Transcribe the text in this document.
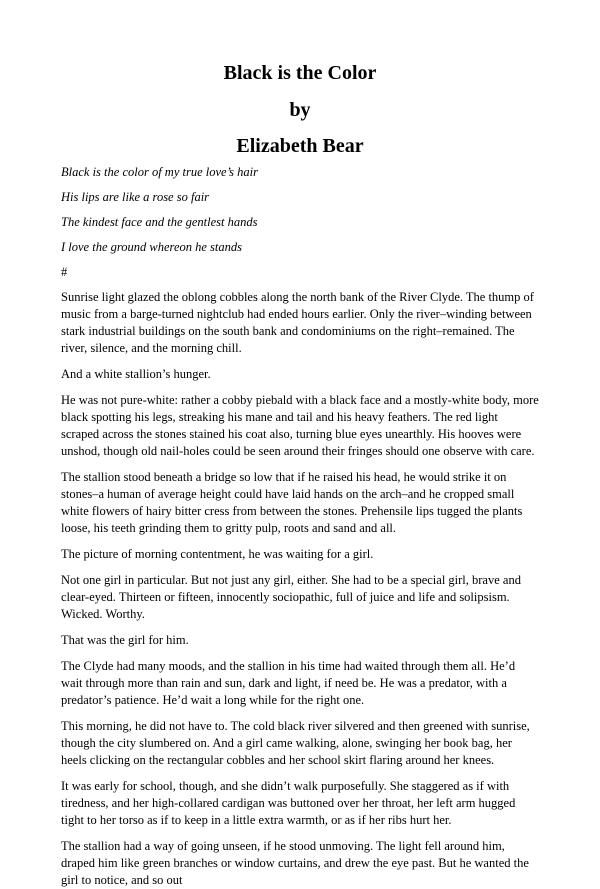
Black is the Color
by
Elizabeth Bear

Black is the color of my true love’s hair

His lips are like a rose so fair

The kindest face and the gentlest hands

I love the ground whereon he stands

#

Sunrise light glazed the oblong cobbles along the north bank of the River Clyde. The thump of music from a barge-turned nightclub had ended hours earlier. Only the river–winding between stark industrial buildings on the south bank and condominiums on the right–remained. The river, silence, and the morning chill.

And a white stallion’s hunger.

He was not pure-white: rather a cobby piebald with a black face and a mostly-white body, more black spotting his legs, streaking his mane and tail and his heavy feathers. The red light scraped across the stones stained his coat also, turning blue eyes unearthly. His hooves were unshod, though old nail-holes could be seen around their fringes should one observe with care.

The stallion stood beneath a bridge so low that if he raised his head, he would strike it on stones–a human of average height could have laid hands on the arch–and he cropped small white flowers of hairy bitter cress from between the stones. Prehensile lips tugged the plants loose, his teeth grinding them to gritty pulp, roots and sand and all.

The picture of morning contentment, he was waiting for a girl.

Not one girl in particular. But not just any girl, either. She had to be a special girl, brave and clear-eyed. Thirteen or fifteen, innocently sociopathic, full of juice and life and solipsism. Wicked. Worthy.

That was the girl for him.

The Clyde had many moods, and the stallion in his time had waited through them all. He’d wait through more than rain and sun, dark and light, if need be. He was a predator, with a predator’s patience. He’d wait a long while for the right one.

This morning, he did not have to. The cold black river silvered and then greened with sunrise, though the city slumbered on. And a girl came walking, alone, swinging her book bag, her heels clicking on the rectangular cobbles and her school skirt flaring around her knees.

It was early for school, though, and she didn’t walk purposefully. She staggered as if with tiredness, and her high-collared cardigan was buttoned over her throat, her left arm hugged tight to her torso as if to keep in a little extra warmth, or as if her ribs hurt her.

The stallion had a way of going unseen, if he stood unmoving. The light fell around him, draped him like green branches or window curtains, and drew the eye past. But he wanted the girl to notice, and so out
